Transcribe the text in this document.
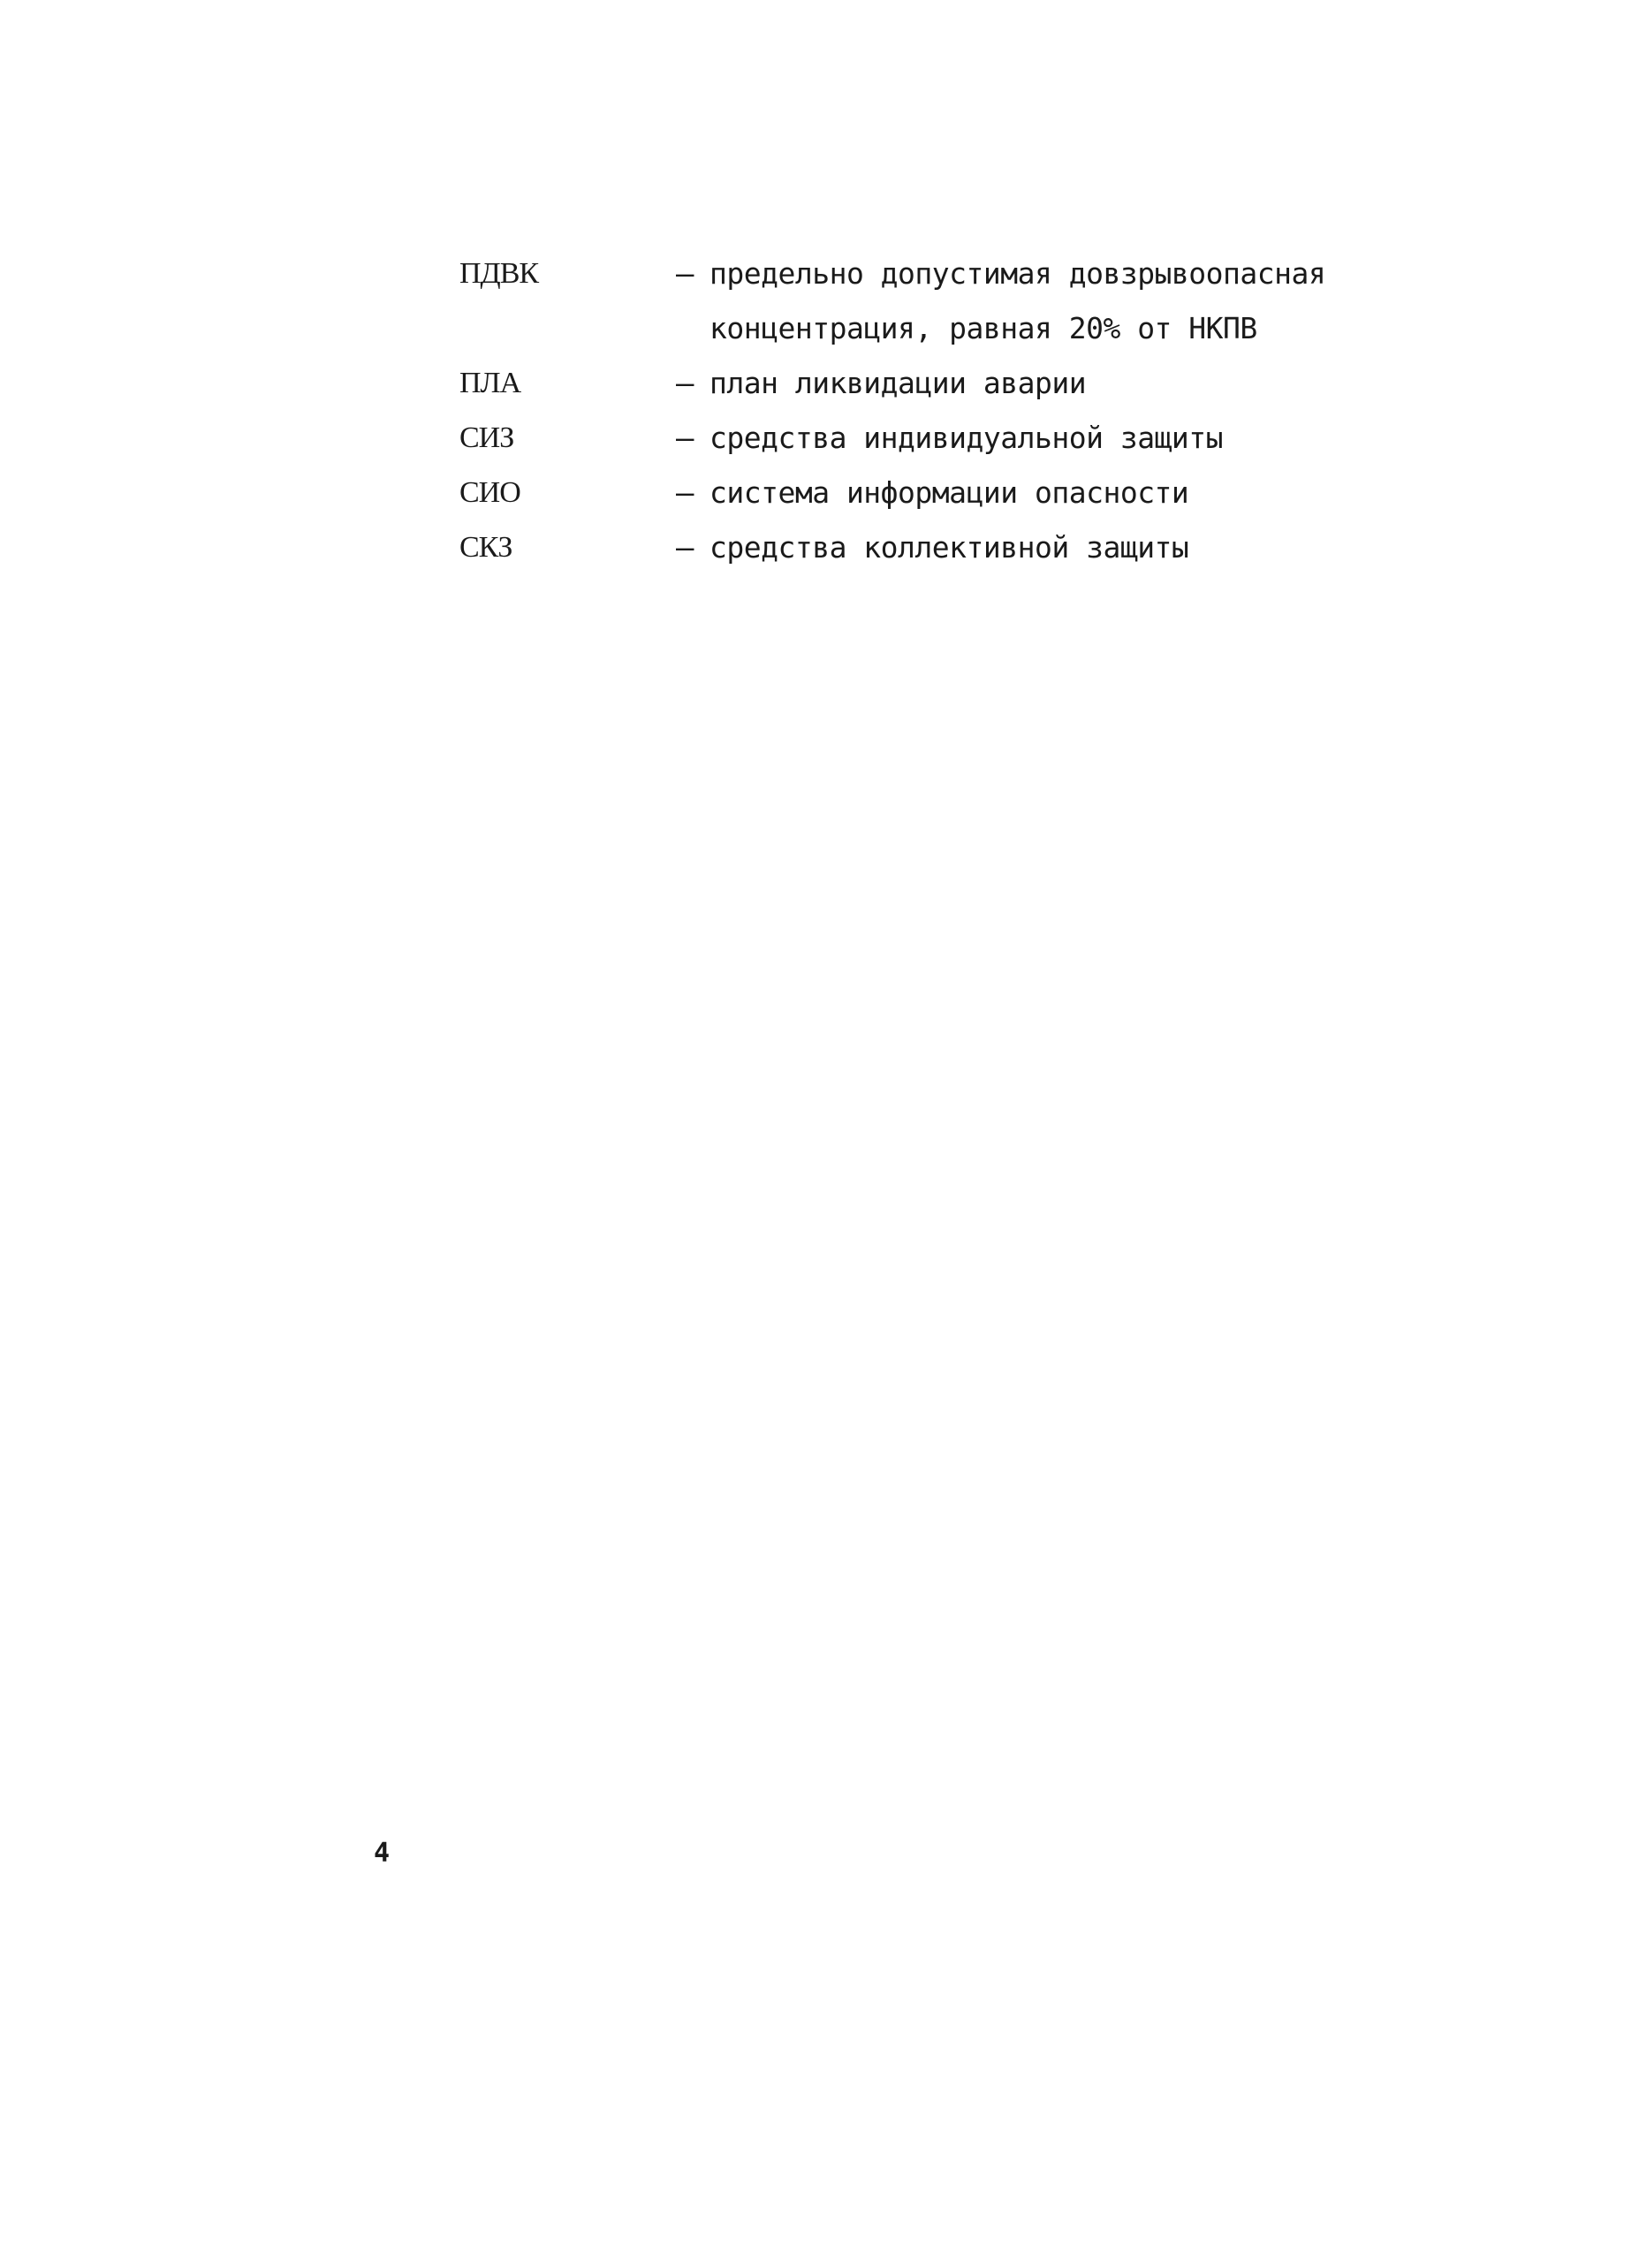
ПДВК	– предельно допустимая довзрывоопасная
концентрация, равная 20% от НКПВ
ПЛА	– план ликвидации аварии
СИЗ	– средства индивидуальной защиты
СИО	– система информации опасности
СКЗ	– средства коллективной защиты
4
